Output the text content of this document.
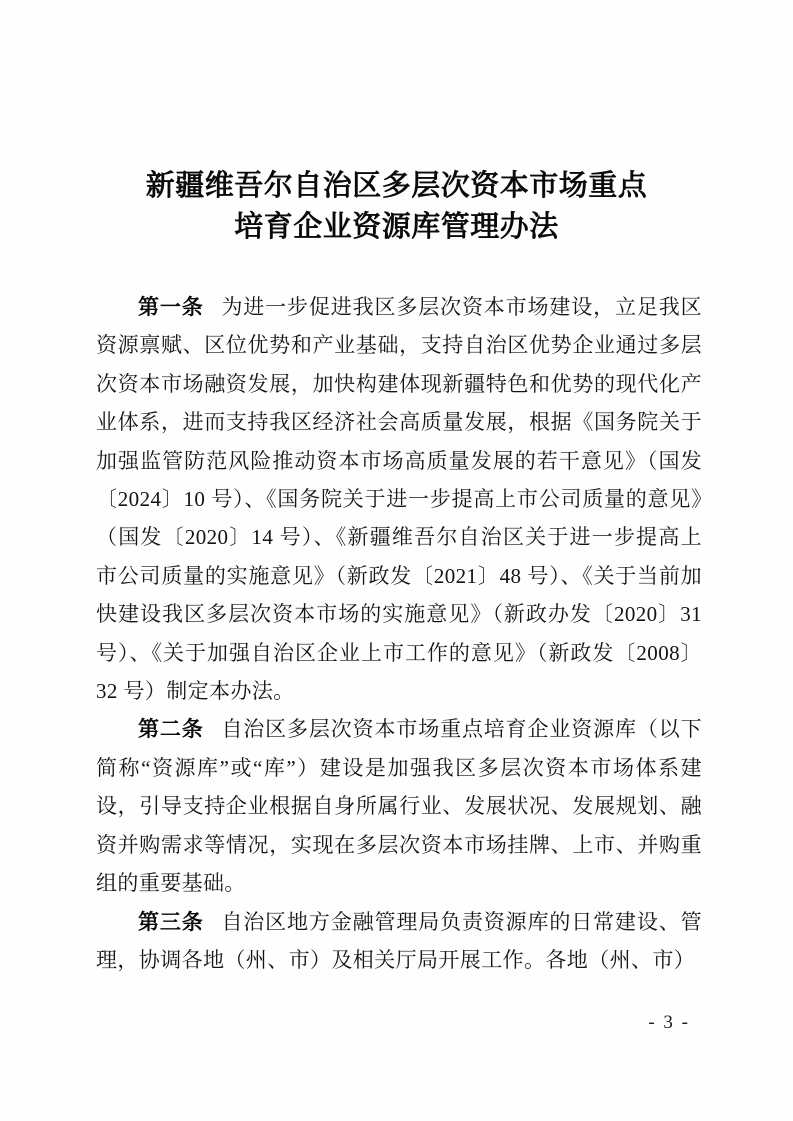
新疆维吾尔自治区多层次资本市场重点
培育企业资源库管理办法

第一条 为进一步促进我区多层次资本市场建设，立足我区资源禀赋、区位优势和产业基础，支持自治区优势企业通过多层次资本市场融资发展，加快构建体现新疆特色和优势的现代化产业体系，进而支持我区经济社会高质量发展，根据《国务院关于加强监管防范风险推动资本市场高质量发展的若干意见》（国发〔2024〕10 号）、《国务院关于进一步提高上市公司质量的意见》（国发〔2020〕14 号）、《新疆维吾尔自治区关于进一步提高上市公司质量的实施意见》（新政发〔2021〕48 号）、《关于当前加快建设我区多层次资本市场的实施意见》（新政办发〔2020〕31 号）、《关于加强自治区企业上市工作的意见》（新政发〔2008〕32 号）制定本办法。

第二条 自治区多层次资本市场重点培育企业资源库（以下简称“资源库”或“库”）建设是加强我区多层次资本市场体系建设，引导支持企业根据自身所属行业、发展状况、发展规划、融资并购需求等情况，实现在多层次资本市场挂牌、上市、并购重组的重要基础。

第三条 自治区地方金融管理局负责资源库的日常建设、管理，协调各地（州、市）及相关厅局开展工作。各地（州、市）

- 3 -
